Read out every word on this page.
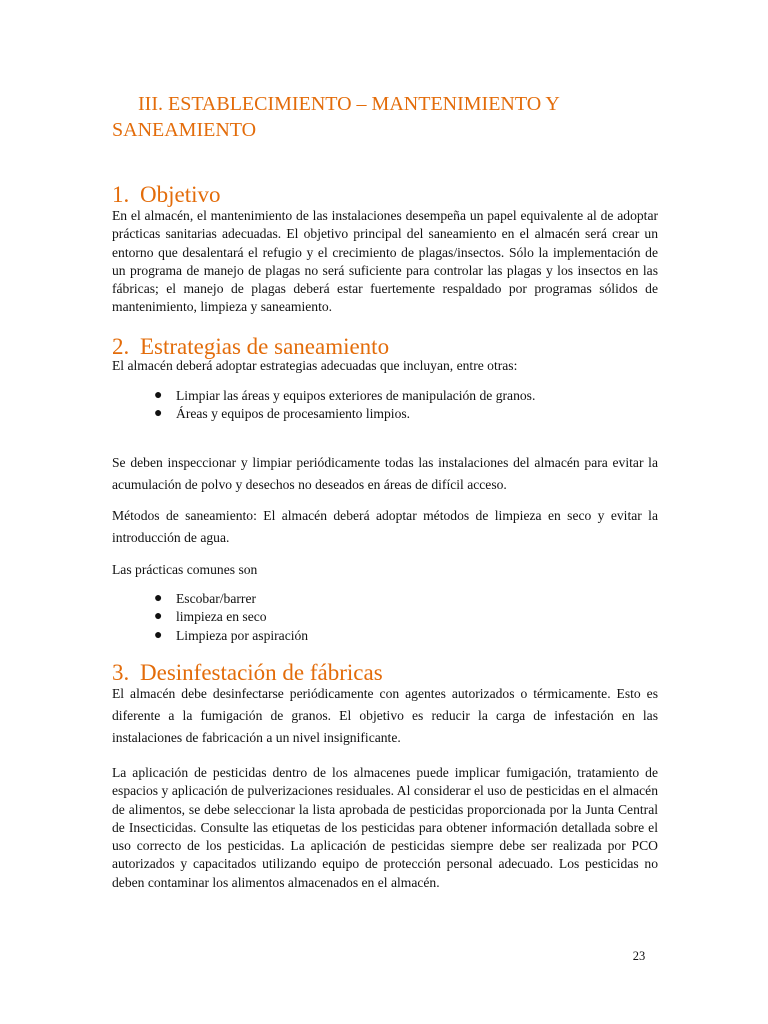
III. ESTABLECIMIENTO – MANTENIMIENTO Y SANEAMIENTO
1. Objetivo

En el almacén, el mantenimiento de las instalaciones desempeña un papel equivalente al de adoptar prácticas sanitarias adecuadas. El objetivo principal del saneamiento en el almacén será crear un entorno que desalentará el refugio y el crecimiento de plagas/insectos. Sólo la implementación de un programa de manejo de plagas no será suficiente para controlar las plagas y los insectos en las fábricas; el manejo de plagas deberá estar fuertemente respaldado por programas sólidos de mantenimiento, limpieza y saneamiento.

2. Estrategias de saneamiento

El almacén deberá adoptar estrategias adecuadas que incluyan, entre otras:

● Limpiar las áreas y equipos exteriores de manipulación de granos.
● Áreas y equipos de procesamiento limpios.

Se deben inspeccionar y limpiar periódicamente todas las instalaciones del almacén para evitar la acumulación de polvo y desechos no deseados en áreas de difícil acceso.

Métodos de saneamiento: El almacén deberá adoptar métodos de limpieza en seco y evitar la introducción de agua.

Las prácticas comunes son

● Escobar/barrer
● limpieza en seco
● Limpieza por aspiración
3. Desinfestación de fábricas

El almacén debe desinfectarse periódicamente con agentes autorizados o térmicamente. Esto es diferente a la fumigación de granos. El objetivo es reducir la carga de infestación en las instalaciones de fabricación a un nivel insignificante.

La aplicación de pesticidas dentro de los almacenes puede implicar fumigación, tratamiento de espacios y aplicación de pulverizaciones residuales. Al considerar el uso de pesticidas en el almacén de alimentos, se debe seleccionar la lista aprobada de pesticidas proporcionada por la Junta Central de Insecticidas. Consulte las etiquetas de los pesticidas para obtener información detallada sobre el uso correcto de los pesticidas. La aplicación de pesticidas siempre debe ser realizada por PCO autorizados y capacitados utilizando equipo de protección personal adecuado. Los pesticidas no deben contaminar los alimentos almacenados en el almacén.

23
